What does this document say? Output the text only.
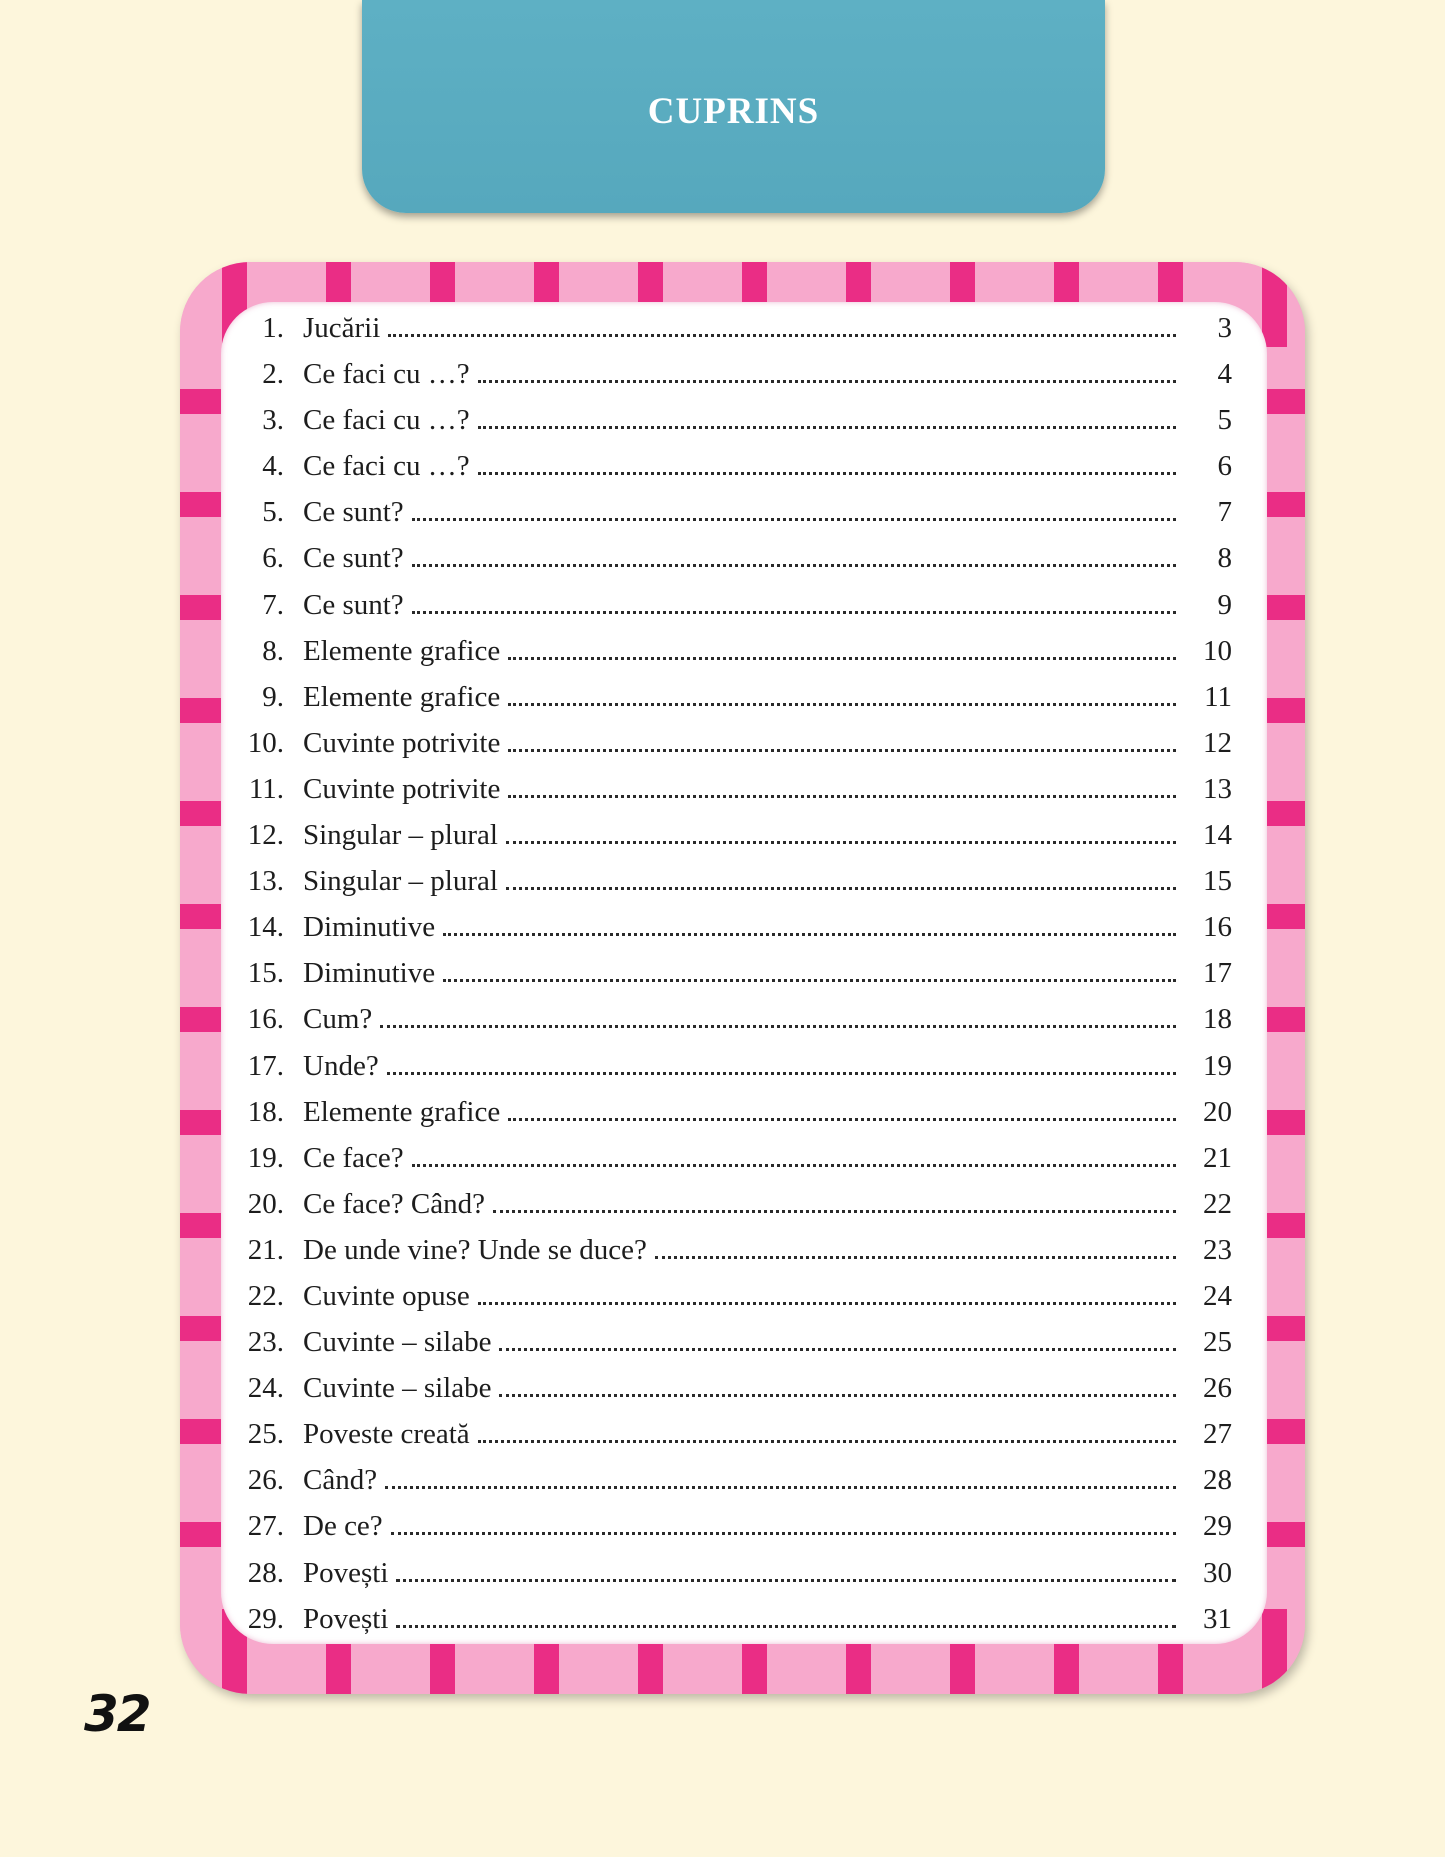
CUPRINS
1. Jucării	3
2. Ce faci cu …?	4
3. Ce faci cu …?	5
4. Ce faci cu …?	6
5. Ce sunt?	7
6. Ce sunt?	8
7. Ce sunt?	9
8. Elemente grafice	10
9. Elemente grafice	11
10. Cuvinte potrivite	12
11. Cuvinte potrivite	13
12. Singular – plural	14
13. Singular – plural	15
14. Diminutive	16
15. Diminutive	17
16. Cum?	18
17. Unde?	19
18. Elemente grafice	20
19. Ce face?	21
20. Ce face? Când?	22
21. De unde vine? Unde se duce?	23
22. Cuvinte opuse	24
23. Cuvinte – silabe	25
24. Cuvinte – silabe	26
25. Poveste creată	27
26. Când?	28
27. De ce?	29
28. Povești	30
29. Povești	31
32
